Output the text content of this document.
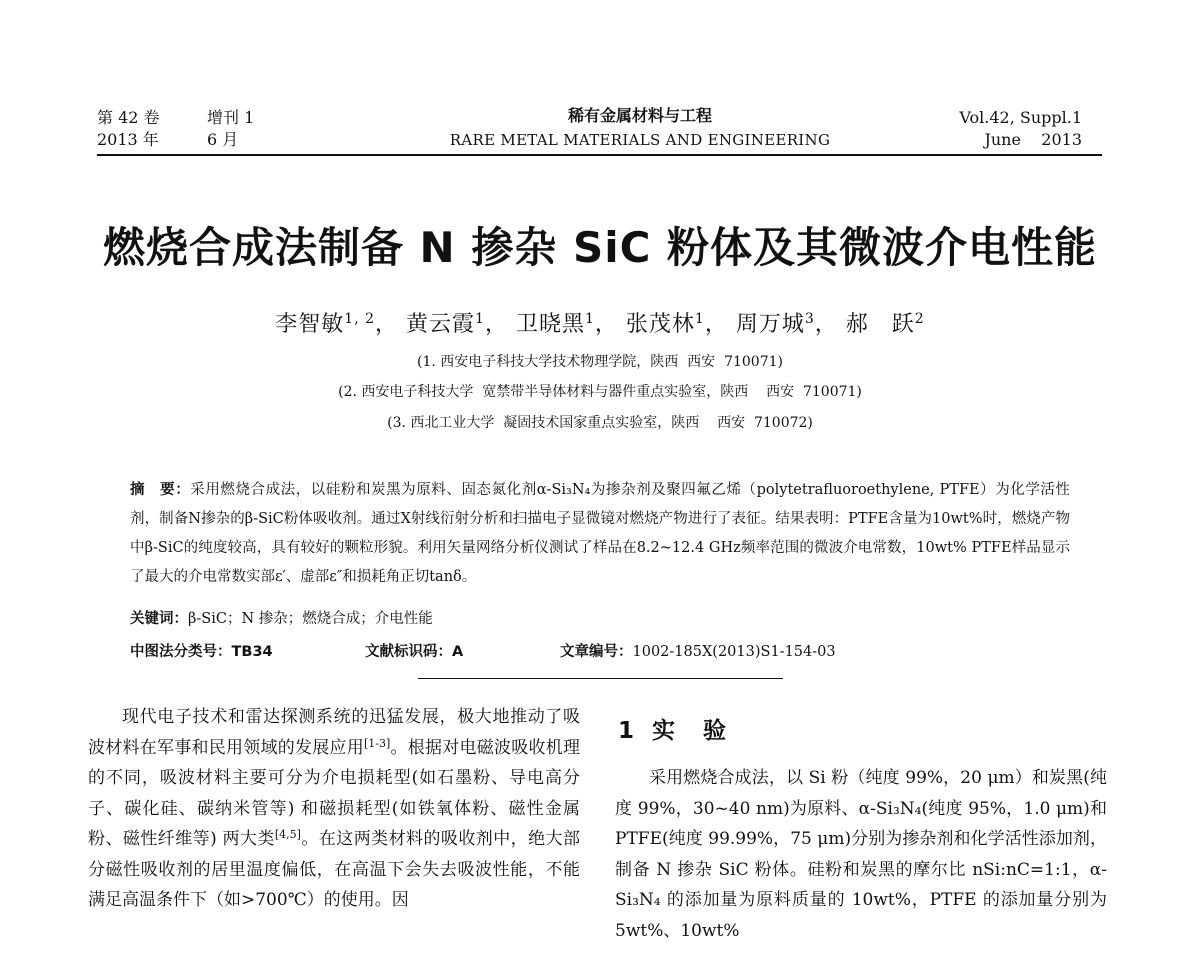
第 42 卷
2013 年
增刊 1
6 月
稀有金属材料与工程
RARE METAL MATERIALS AND ENGINEERING
Vol.42, Suppl.1
June    2013
燃烧合成法制备 N 掺杂 SiC 粉体及其微波介电性能
李智敏$^{1, 2}$， 黄云霞$^1$， 卫晓黑$^1$， 张茂林$^1$， 周万城$^3$， 郝　跃$^2$
(1. 西安电子科技大学技术物理学院，陕西  西安  710071)
(2. 西安电子科技大学  宽禁带半导体材料与器件重点实验室，陕西    西安  710071)
(3. 西北工业大学  凝固技术国家重点实验室，陕西    西安  710072)
摘　要：采用燃烧合成法，以硅粉和炭黑为原料、固态氮化剂α-Si₃N₄为掺杂剂及聚四氟乙烯（polytetrafluoroethylene, PTFE）为化学活性剂，制备N掺杂的β-SiC粉体吸收剂。通过X射线衍射分析和扫描电子显微镜对燃烧产物进行了表征。结果表明：PTFE含量为10wt%时，燃烧产物中β-SiC的纯度较高，具有较好的颗粒形貌。利用矢量网络分析仪测试了样品在8.2~12.4 GHz频率范围的微波介电常数，10wt% PTFE样品显示了最大的介电常数实部ε′、虚部ε″和损耗角正切tanδ。
关键词：β-SiC；N 掺杂；燃烧合成；介电性能
中图法分类号：TB34	文献标识码：A	文章编号：1002-185X(2013)S1-154-03
现代电子技术和雷达探测系统的迅猛发展，极大地推动了吸波材料在军事和民用领域的发展应用[1-3]。根据对电磁波吸收机理的不同，吸波材料主要可分为介电损耗型(如石墨粉、导电高分子、碳化硅、碳纳米管等) 和磁损耗型(如铁氧体粉、磁性金属粉、磁性纤维等) 两大类[4,5]。在这两类材料的吸收剂中，绝大部分磁性吸收剂的居里温度偏低，在高温下会失去吸波性能，不能满足高温条件下（如>700℃）的使用。因
1 实  验
采用燃烧合成法，以 Si 粉（纯度 99%，20 μm）和炭黑(纯度 99%，30~40 nm)为原料、α-Si₃N₄(纯度 95%，1.0 μm)和 PTFE(纯度 99.99%，75 μm)分别为掺杂剂和化学活性添加剂，制备 N 掺杂 SiC 粉体。硅粉和炭黑的摩尔比 nSi:nC=1:1，α-Si₃N₄ 的添加量为原料质量的 10wt%，PTFE 的添加量分别为 5wt%、10wt%
